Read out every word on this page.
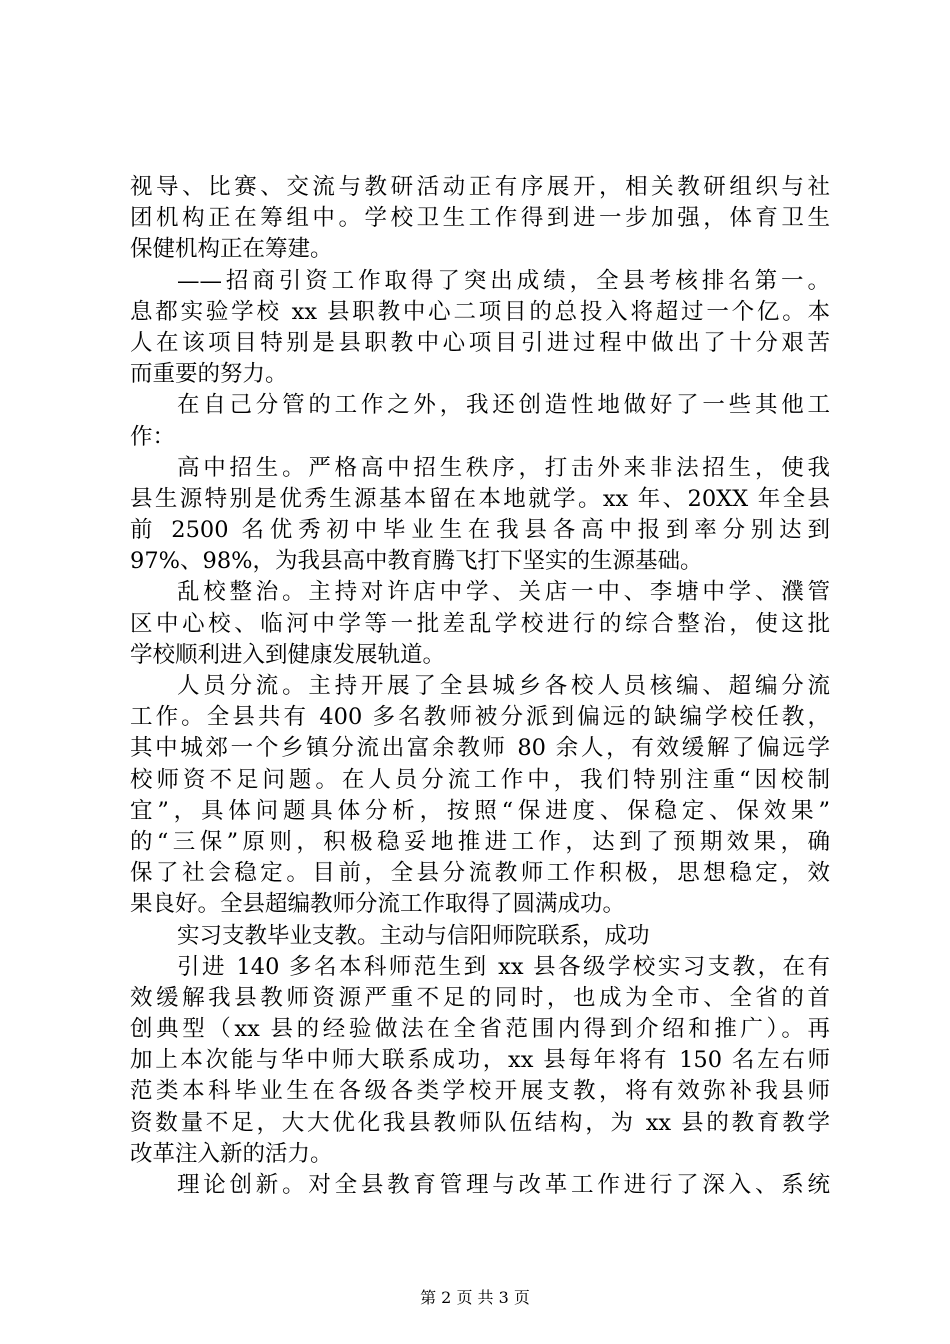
视导、比赛、交流与教研活动正有序展开，相关教研组织与社
团机构正在筹组中。学校卫生工作得到进一步加强，体育卫生
保健机构正在筹建。
——招商引资工作取得了突出成绩，全县考核排名第一。
息都实验学校 xx 县职教中心二项目的总投入将超过一个亿。本
人在该项目特别是县职教中心项目引进过程中做出了十分艰苦
而重要的努力。
在自己分管的工作之外，我还创造性地做好了一些其他工
作：
高中招生。严格高中招生秩序，打击外来非法招生，使我
县生源特别是优秀生源基本留在本地就学。xx 年、20XX 年全县
前 2500 名优秀初中毕业生在我县各高中报到率分别达到
97%、98%，为我县高中教育腾飞打下坚实的生源基础。
乱校整治。主持对许店中学、关店一中、李塘中学、濮管
区中心校、临河中学等一批差乱学校进行的综合整治，使这批
学校顺利进入到健康发展轨道。
人员分流。主持开展了全县城乡各校人员核编、超编分流
工作。全县共有 400 多名教师被分派到偏远的缺编学校任教，
其中城郊一个乡镇分流出富余教师 80 余人，有效缓解了偏远学
校师资不足问题。在人员分流工作中，我们特别注重“因校制
宜”，具体问题具体分析，按照“保进度、保稳定、保效果”
的“三保”原则，积极稳妥地推进工作，达到了预期效果，确
保了社会稳定。目前，全县分流教师工作积极，思想稳定，效
果良好。全县超编教师分流工作取得了圆满成功。
实习支教毕业支教。主动与信阳师院联系，成功
引进 140 多名本科师范生到 xx 县各级学校实习支教，在有
效缓解我县教师资源严重不足的同时，也成为全市、全省的首
创典型（xx 县的经验做法在全省范围内得到介绍和推广）。再
加上本次能与华中师大联系成功，xx 县每年将有 150 名左右师
范类本科毕业生在各级各类学校开展支教，将有效弥补我县师
资数量不足，大大优化我县教师队伍结构，为 xx 县的教育教学
改革注入新的活力。
理论创新。对全县教育管理与改革工作进行了深入、系统
第 2 页 共 3 页
